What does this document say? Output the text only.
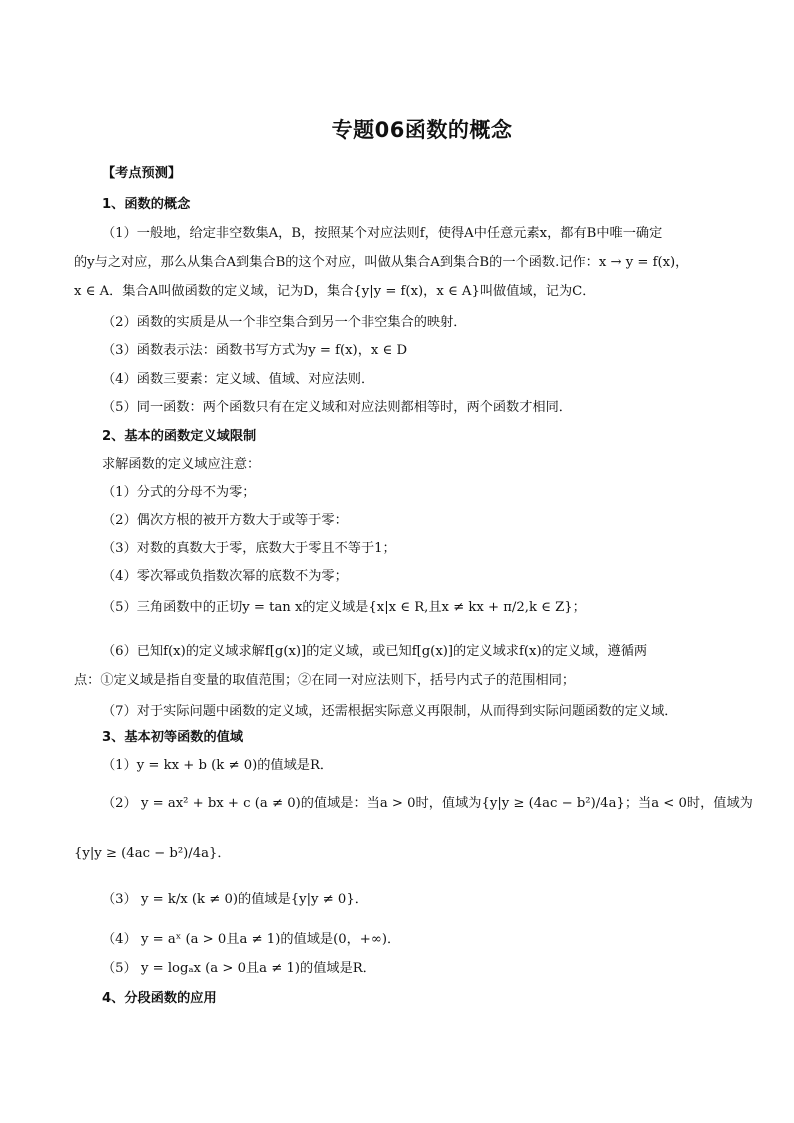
专题06函数的概念
【考点预测】
1、函数的概念
（1）一般地，给定非空数集A，B，按照某个对应法则f，使得A中任意元素x，都有B中唯一确定
的y与之对应，那么从集合A到集合B的这个对应，叫做从集合A到集合B的一个函数.记作：x → y = f(x)，
x ∈ A．集合A叫做函数的定义域，记为D，集合{y|y = f(x)，x ∈ A}叫做值域，记为C．
（2）函数的实质是从一个非空集合到另一个非空集合的映射．
（3）函数表示法：函数书写方式为y = f(x)，x ∈ D
（4）函数三要素：定义域、值域、对应法则．
（5）同一函数：两个函数只有在定义域和对应法则都相等时，两个函数才相同．
2、基本的函数定义域限制
求解函数的定义域应注意：
（1）分式的分母不为零；
（2）偶次方根的被开方数大于或等于零：
（3）对数的真数大于零，底数大于零且不等于1；
（4）零次幂或负指数次幂的底数不为零；
（5）三角函数中的正切y = tan x的定义域是{x|x ∈ R,且x ≠ kx + π/2,k ∈ Z}；
（6）已知f(x)的定义域求解f[g(x)]的定义域，或已知f[g(x)]的定义域求f(x)的定义域，遵循两
点：①定义域是指自变量的取值范围；②在同一对应法则下，括号内式子的范围相同；
（7）对于实际问题中函数的定义域，还需根据实际意义再限制，从而得到实际问题函数的定义域．
3、基本初等函数的值域
（1）y = kx + b (k ≠ 0)的值域是R．
（2） y = ax² + bx + c (a ≠ 0)的值域是：当a > 0时，值域为{y|y ≥ (4ac − b²)/4a}；当a < 0时，值域为
{y|y ≥ (4ac − b²)/4a}．
（3） y = k/x (k ≠ 0)的值域是{y|y ≠ 0}．
（4） y = aˣ (a > 0且a ≠ 1)的值域是(0，+∞)．
（5） y = logₐx (a > 0且a ≠ 1)的值域是R．
4、分段函数的应用
